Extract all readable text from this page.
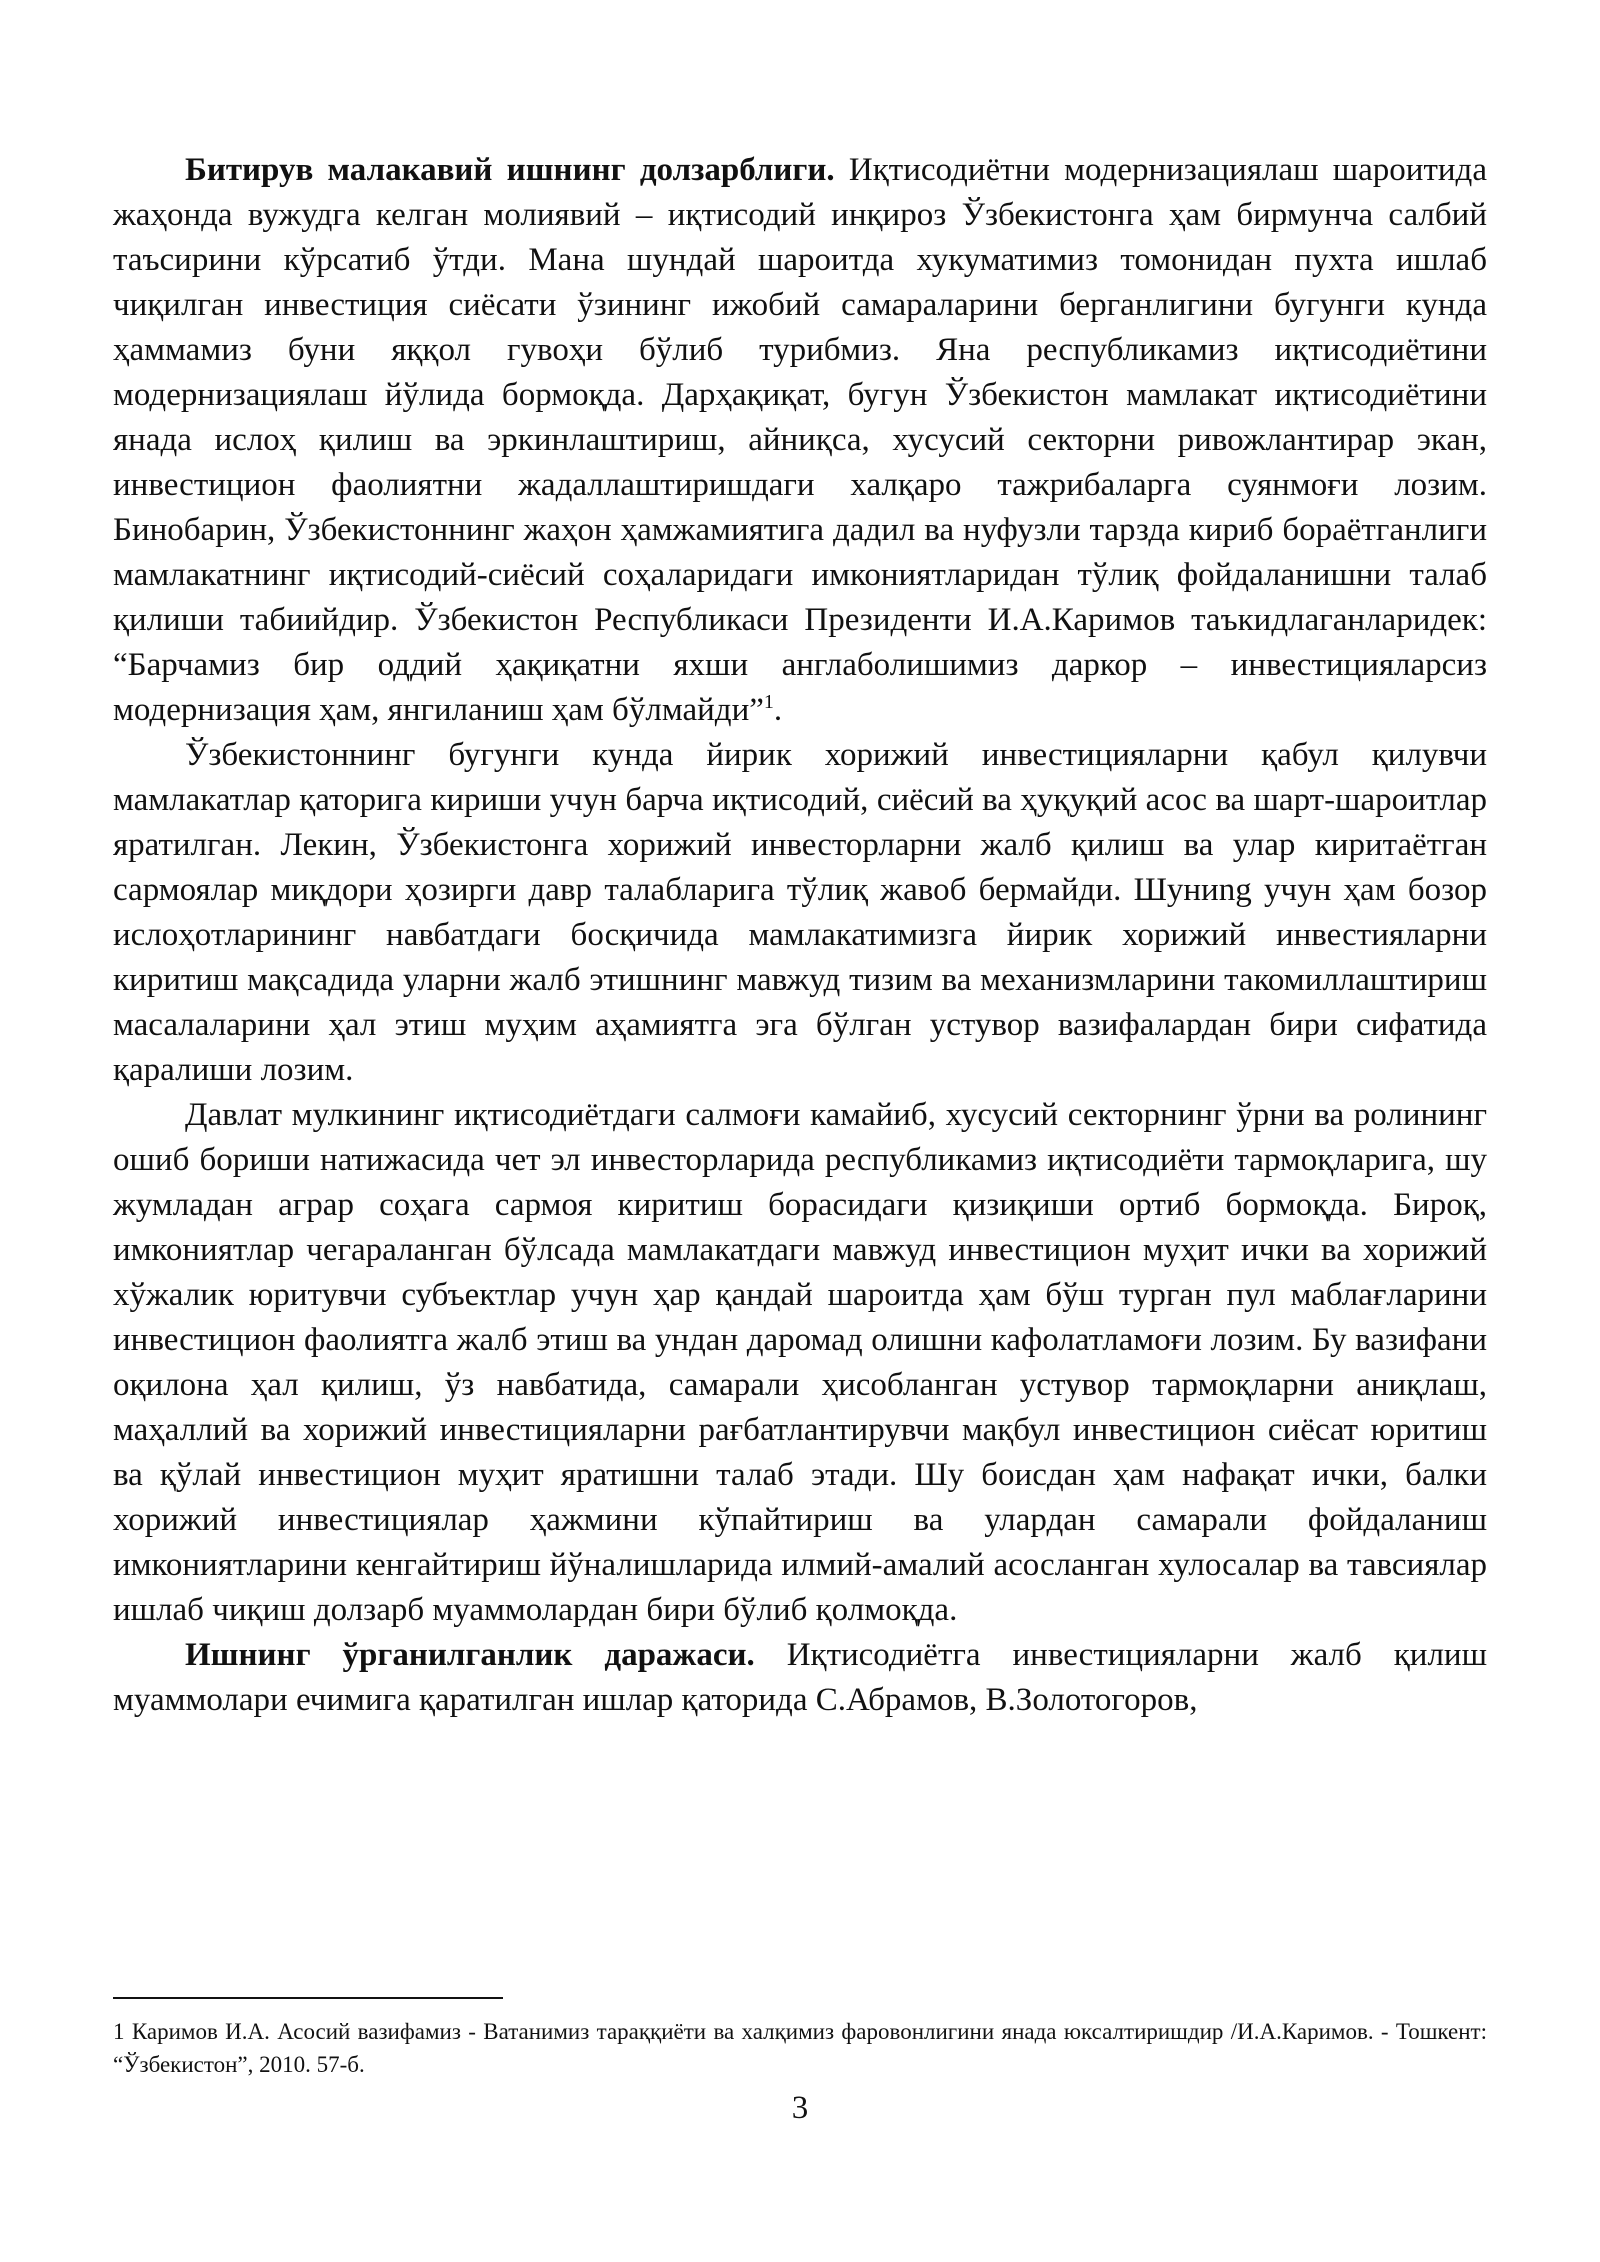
Битирув малакавий ишнинг долзарблиги. Иқтисодиётни модернизациялаш шароитида жаҳонда вужудга келган молиявий – иқтисодий инқироз Ўзбекистонга ҳам бирмунча салбий таъсирини кўрсатиб ўтди. Мана шундай шароитда хукуматимиз томонидан пухта ишлаб чиқилган инвестиция сиёсати ўзининг ижобий самараларини берганлигини бугунги кунда ҳаммамиз буни яққол гувоҳи бўлиб турибмиз. Яна республикамиз иқтисодиётини модернизациялаш йўлида бормоқда. Дарҳақиқат, бугун Ўзбекистон мамлакат иқтисодиётини янада ислоҳ қилиш ва эркинлаштириш, айниқса, хусусий секторни ривожлантирар экан, инвестицион фаолиятни жадаллаштиришдаги халқаро тажрибаларга суянмоғи лозим. Бинобарин, Ўзбекистоннинг жаҳон ҳамжамиятига дадил ва нуфузли тарзда кириб бораётганлиги мамлакатнинг иқтисодий-сиёсий соҳаларидаги имкониятларидан тўлиқ фойдаланишни талаб қилиши табиийдир. Ўзбекистон Республикаси Президенти И.А.Каримов таъкидлаганларидек: “Барчамиз бир оддий ҳақиқатни яхши англаболишимиз даркор – инвестицияларсиз модернизация ҳам, янгиланиш ҳам бўлмайди”$^1$.

Ўзбекистоннинг бугунги кунда йирик хорижий инвестицияларни қабул қилувчи мамлакатлар қаторига кириши учун барча иқтисодий, сиёсий ва ҳуқуқий асос ва шарт-шароитлар яратилган. Лекин, Ўзбекистонга хорижий инвесторларни жалб қилиш ва улар киритаётган сармоялар миқдори ҳозирги давр талабларига тўлиқ жавоб бермайди. Шуниng учун ҳам бозор ислоҳотларининг навбатдаги босқичида мамлакатимизга йирик хорижий инвестияларни киритиш мақсадида уларни жалб этишнинг мавжуд тизим ва механизмларини такомиллаштириш масалаларини ҳал этиш муҳим аҳамиятга эга бўлган устувор вазифалардан бири сифатида қаралиши лозим.

Давлат мулкининг иқтисодиётдаги салмоғи камайиб, хусусий секторнинг ўрни ва ролининг ошиб бориши натижасида чет эл инвесторларида республикамиз иқтисодиёти тармоқларига, шу жумладан аграр соҳага сармоя киритиш борасидаги қизиқиши ортиб бормоқда. Бироқ, имкониятлар чегараланган бўлсада мамлакатдаги мавжуд инвестицион муҳит ички ва хорижий хўжалик юритувчи субъектлар учун ҳар қандай шароитда ҳам бўш турган пул маблағларини инвестицион фаолиятга жалб этиш ва ундан даромад олишни кафолатламоғи лозим. Бу вазифани оқилона ҳал қилиш, ўз навбатида, самарали ҳисобланган устувор тармоқларни аниқлаш, маҳаллий ва хорижий инвестицияларни рағбатлантирувчи мақбул инвестицион сиёсат юритиш ва қўлай инвестицион муҳит яратишни талаб этади. Шу боисдан ҳам нафақат ички, балки хорижий инвестициялар ҳажмини кўпайтириш ва улардан самарали фойдаланиш имкониятларини кенгайтириш йўналишларида илмий-амалий асосланган хулосалар ва тавсиялар ишлаб чиқиш долзарб муаммолардан бири бўлиб қолмоқда.

Ишнинг ўрганилганлик даражаси. Иқтисодиётга инвестицияларни жалб қилиш муаммолари ечимига қаратилган ишлар қаторида С.Абрамов, В.Золотогоров,

1 Каримов И.А. Асосий вазифамиз - Ватанимиз тараққиёти ва халқимиз фаровонлигини янада юксалтиришдир /И.А.Каримов. - Тошкент: “Ўзбекистон”, 2010. 57-б.

3
